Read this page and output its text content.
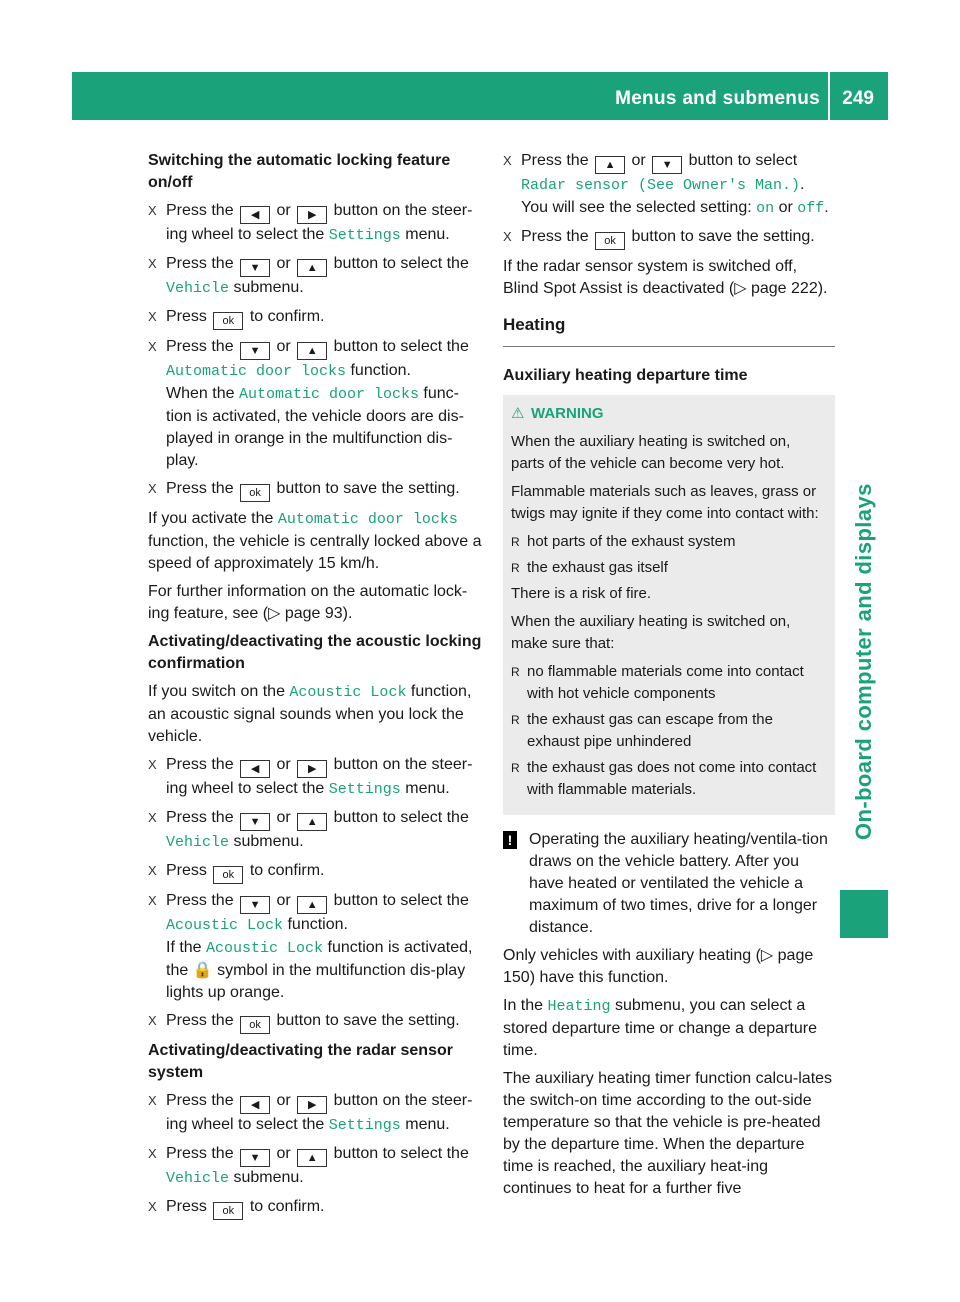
Menus and submenus 249
On-board computer and displays
Switching the automatic locking feature on/off
X Press the ◀ or ▶ button on the steer-ing wheel to select the Settings menu.
X Press the ▼ or ▲ button to select the Vehicle submenu.
X Press ok to confirm.
X Press the ▼ or ▲ button to select the Automatic door locks function.
When the Automatic door locks func-tion is activated, the vehicle doors are dis-played in orange in the multifunction dis-play.
X Press the ok button to save the setting.

If you activate the Automatic door locks function, the vehicle is centrally locked above a speed of approximately 15 km/h.

For further information on the automatic lock-ing feature, see (▷ page 93).

Activating/deactivating the acoustic locking confirmation

If you switch on the Acoustic Lock function, an acoustic signal sounds when you lock the vehicle.

X Press the ◀ or ▶ button on the steer-ing wheel to select the Settings menu.
X Press the ▼ or ▲ button to select the Vehicle submenu.
X Press ok to confirm.
X Press the ▼ or ▲ button to select the Acoustic Lock function.
If the Acoustic Lock function is activated, the 🔒 symbol in the multifunction dis-play lights up orange.
X Press the ok button to save the setting.
Activating/deactivating the radar sensor system
X Press the ◀ or ▶ button on the steer-ing wheel to select the Settings menu.
X Press the ▼ or ▲ button to select the Vehicle submenu.
X Press ok to confirm.
X Press the ▲ or ▼ button to select
Radar sensor (See Owner's Man.).
You will see the selected setting: on or off.
X Press the ok button to save the setting.

If the radar sensor system is switched off, Blind Spot Assist is deactivated (▷ page 222).

Heating
Auxiliary heating departure time
⚠ WARNING

When the auxiliary heating is switched on, parts of the vehicle can become very hot.

Flammable materials such as leaves, grass or twigs may ignite if they come into contact with:

R hot parts of the exhaust system
R the exhaust gas itself

There is a risk of fire.

When the auxiliary heating is switched on, make sure that:

R no flammable materials come into contact with hot vehicle components
R the exhaust gas can escape from the exhaust pipe unhindered
R the exhaust gas does not come into contact with flammable materials.
! Operating the auxiliary heating/ventila-tion draws on the vehicle battery. After you have heated or ventilated the vehicle a maximum of two times, drive for a longer distance.

Only vehicles with auxiliary heating (▷ page 150) have this function.

In the Heating submenu, you can select a stored departure time or change a departure time.

The auxiliary heating timer function calcu-lates the switch-on time according to the out-side temperature so that the vehicle is pre-heated by the departure time. When the departure time is reached, the auxiliary heat-ing continues to heat for a further five
